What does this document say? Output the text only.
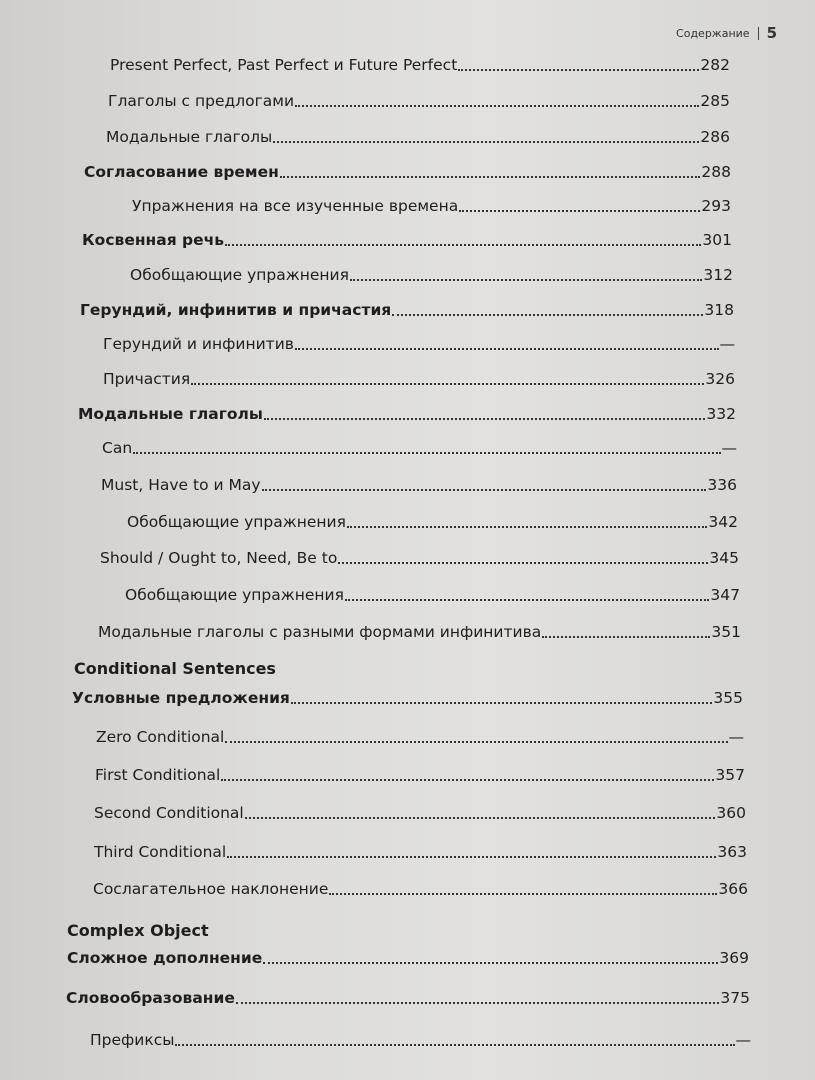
Содержание 5
Present Perfect, Past Perfect и Future Perfect	282
Глаголы с предлогами	285
Модальные глаголы	286
Согласование времен	288
Упражнения на все изученные времена	293
Косвенная речь	301
Обобщающие упражнения	312
Герундий, инфинитив и причастия	318
Герундий и инфинитив	—
Причастия	326
Модальные глаголы	332
Can	—
Must, Have to и May	336
Обобщающие упражнения	342
Should / Ought to, Need, Be to	345
Обобщающие упражнения	347
Модальные глаголы с разными формами инфинитива	351
Conditional Sentences
Условные предложения	355
Zero Conditional	—
First Conditional	357
Second Conditional	360
Third Conditional	363
Сослагательное наклонение	366
Complex Object
Сложное дополнение	369
Словообразование	375
Префиксы	—
